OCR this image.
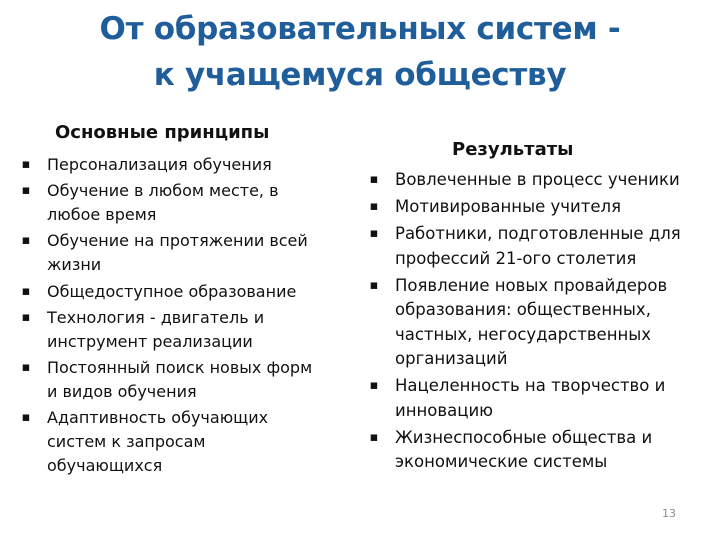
От образовательных систем -
к учащемуся обществу
Основные принципы
Результаты
▪ Персонализация обучения
▪ Обучение в любом месте, в любое время
▪ Обучение на протяжении всей жизни
▪ Общедоступное образование
▪ Технология - двигатель и инструмент реализации
▪ Постоянный поиск новых форм и видов обучения
▪ Адаптивность обучающих систем к запросам обучающихся
▪ Вовлеченные в процесс ученики
▪ Мотивированные учителя
▪ Работники, подготовленные для профессий 21-ого столетия
▪ Появление новых провайдеров образования: общественных, частных, негосударственных организаций
▪ Нацеленность на творчество и инновацию
▪ Жизнеспособные общества и экономические системы
13
